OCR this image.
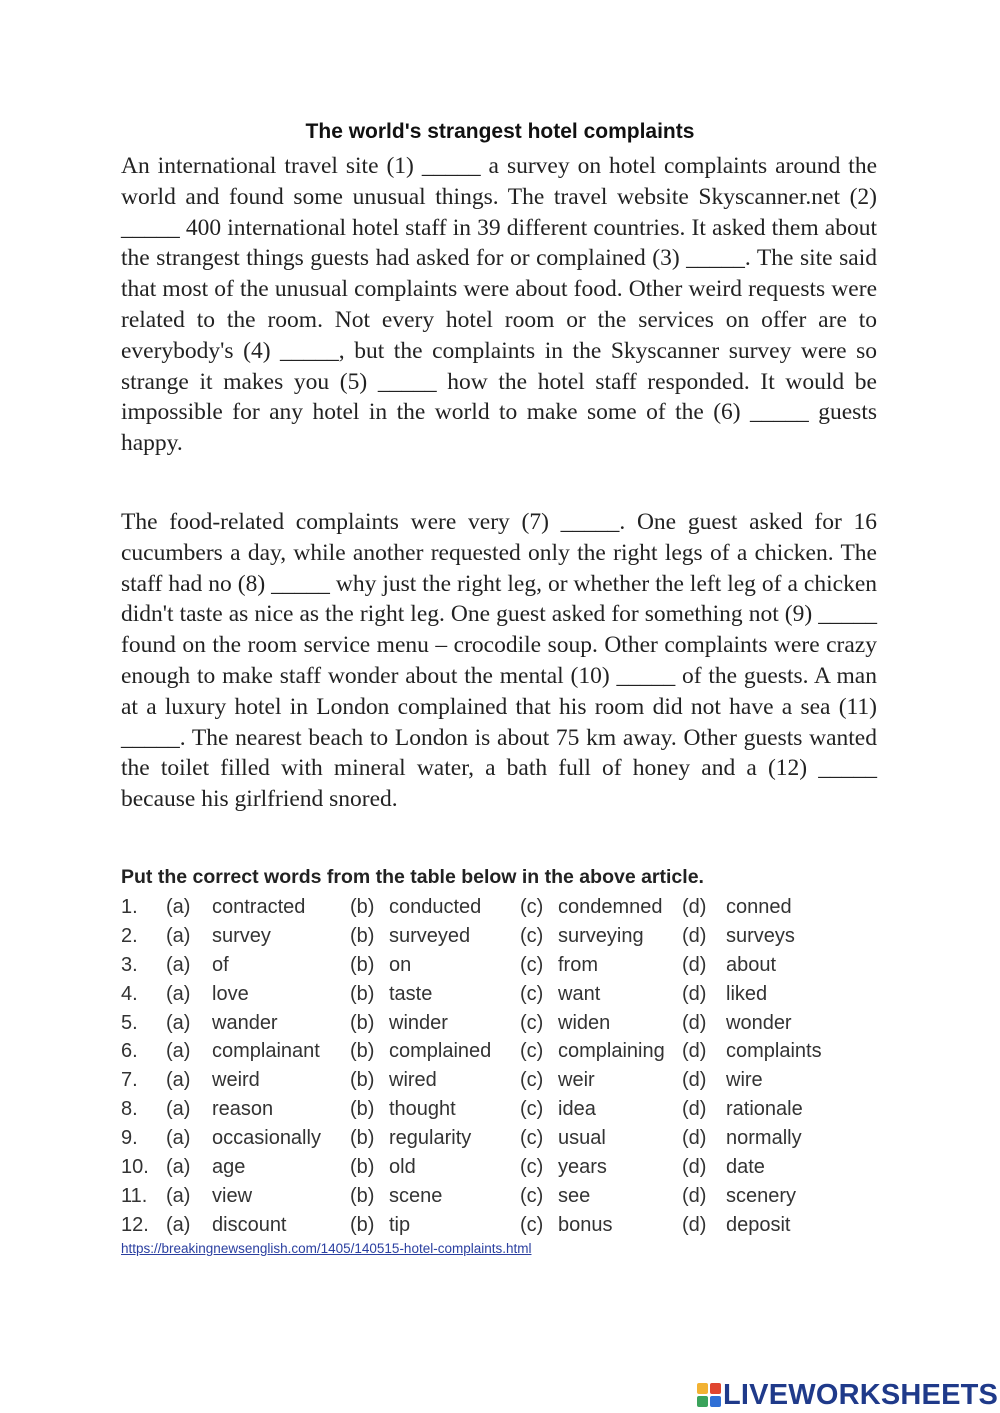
The world's strangest hotel complaints

An international travel site (1) _____ a survey on hotel complaints around the world and found some unusual things. The travel website Skyscanner.net (2) _____ 400 international hotel staff in 39 different countries. It asked them about the strangest things guests had asked for or complained (3) _____. The site said that most of the unusual complaints were about food. Other weird requests were related to the room. Not every hotel room or the services on offer are to everybody's (4) _____, but the complaints in the Skyscanner survey were so strange it makes you (5) _____ how the hotel staff responded. It would be impossible for any hotel in the world to make some of the (6) _____ guests happy.

The food-related complaints were very (7) _____. One guest asked for 16 cucumbers a day, while another requested only the right legs of a chicken. The staff had no (8) _____ why just the right leg, or whether the left leg of a chicken didn't taste as nice as the right leg. One guest asked for something not (9) _____ found on the room service menu – crocodile soup. Other complaints were crazy enough to make staff wonder about the mental (10) _____ of the guests. A man at a luxury hotel in London complained that his room did not have a sea (11) _____. The nearest beach to London is about 75 km away. Other guests wanted the toilet filled with mineral water, a bath full of honey and a (12) _____ because his girlfriend snored.

Put the correct words from the table below in the above article.
1. (a) contracted (b) conducted (c) condemned (d) conned
2. (a) survey	(b) surveyed (c) surveying (d) surveys
3. (a) of	(b) on	(c) from	(d) about
4. (a) love	(b) taste	(c) want	(d) liked
5. (a) wander	(b) winder	(c) widen	(d) wonder
6. (a) complainant (b) complained (c) complaining (d) complaints
7. (a) weird	(b) wired	(c) weir	(d) wire
8. (a) reason	(b) thought	(c) idea	(d) rationale
9. (a) occasionally (b) regularity (c) usual	(d) normally
10. (a) age	(b) old	(c) years	(d) date
11. (a) view	(b) scene	(c) see	(d) scenery
12. (a) discount	(b) tip	(c) bonus	(d) deposit
https://breakingnewsenglish.com/1405/140515-hotel-complaints.html
LIVEWORKSHEETS
